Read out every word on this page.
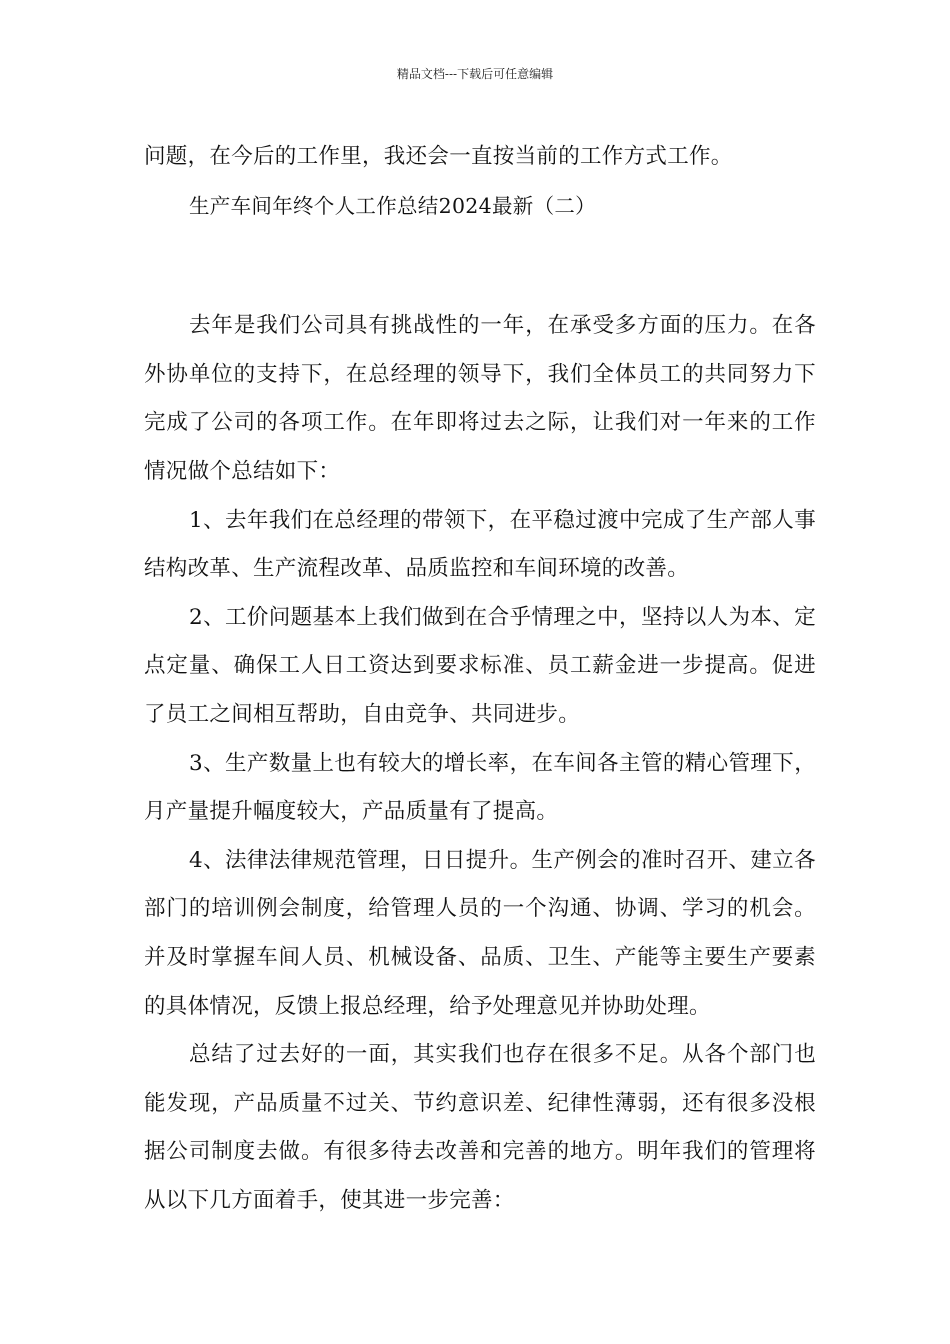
精品文档---下载后可任意编辑

问题，在今后的工作里，我还会一直按当前的工作方式工作。

生产车间年终个人工作总结2024最新（二）

去年是我们公司具有挑战性的一年，在承受多方面的压力。在各外协单位的支持下，在总经理的领导下，我们全体员工的共同努力下完成了公司的各项工作。在年即将过去之际，让我们对一年来的工作情况做个总结如下：

1、去年我们在总经理的带领下，在平稳过渡中完成了生产部人事结构改革、生产流程改革、品质监控和车间环境的改善。

2、工价问题基本上我们做到在合乎情理之中，坚持以人为本、定点定量、确保工人日工资达到要求标准、员工薪金进一步提高。促进了员工之间相互帮助，自由竞争、共同进步。

3、生产数量上也有较大的增长率，在车间各主管的精心管理下，月产量提升幅度较大，产品质量有了提高。

4、法律法律规范管理，日日提升。生产例会的准时召开、建立各部门的培训例会制度，给管理人员的一个沟通、协调、学习的机会。并及时掌握车间人员、机械设备、品质、卫生、产能等主要生产要素的具体情况，反馈上报总经理，给予处理意见并协助处理。

总结了过去好的一面，其实我们也存在很多不足。从各个部门也能发现，产品质量不过关、节约意识差、纪律性薄弱，还有很多没根据公司制度去做。有很多待去改善和完善的地方。明年我们的管理将从以下几方面着手，使其进一步完善：
